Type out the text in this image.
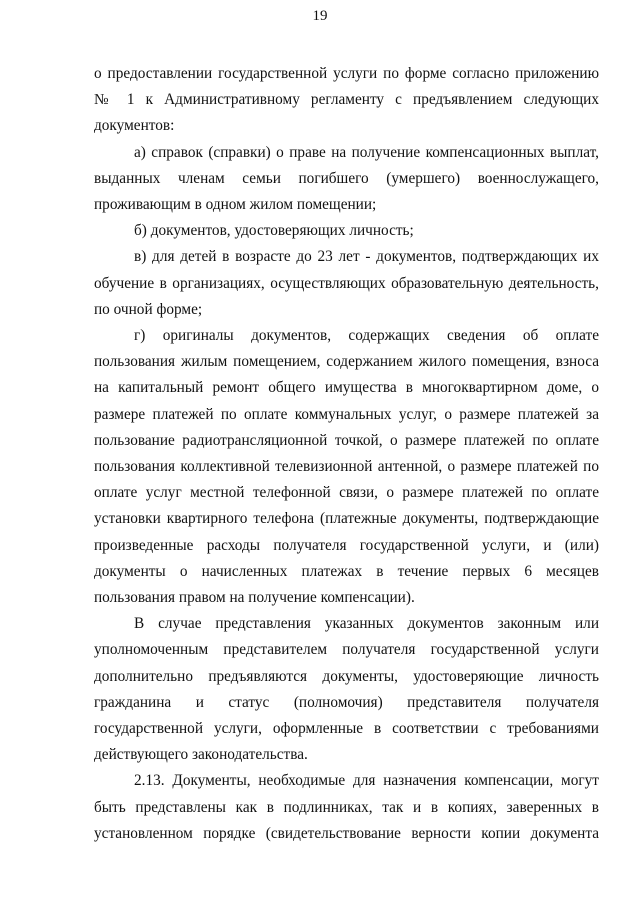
19

о предоставлении государственной услуги по форме согласно приложению № 1 к Административному регламенту с предъявлением следующих документов:

а) справок (справки) о праве на получение компенсационных выплат, выданных членам семьи погибшего (умершего) военнослужащего, проживающим в одном жилом помещении;

б) документов, удостоверяющих личность;

в) для детей в возрасте до 23 лет - документов, подтверждающих их обучение в организациях, осуществляющих образовательную деятельность, по очной форме;

г) оригиналы документов, содержащих сведения об оплате пользования жилым помещением, содержанием жилого помещения, взноса на капитальный ремонт общего имущества в многоквартирном доме, о размере платежей по оплате коммунальных услуг, о размере платежей за пользование радиотрансляционной точкой, о размере платежей по оплате пользования коллективной телевизионной антенной, о размере платежей по оплате услуг местной телефонной связи, о размере платежей по оплате установки квартирного телефона (платежные документы, подтверждающие произведенные расходы получателя государственной услуги, и (или) документы о начисленных платежах в течение первых 6 месяцев пользования правом на получение компенсации).

В случае представления указанных документов законным или уполномоченным представителем получателя государственной услуги дополнительно предъявляются документы, удостоверяющие личность гражданина и статус (полномочия) представителя получателя государственной услуги, оформленные в соответствии с требованиями действующего законодательства.

2.13. Документы, необходимые для назначения компенсации, могут быть представлены как в подлинниках, так и в копиях, заверенных в установленном порядке (свидетельствование верности копии документа
